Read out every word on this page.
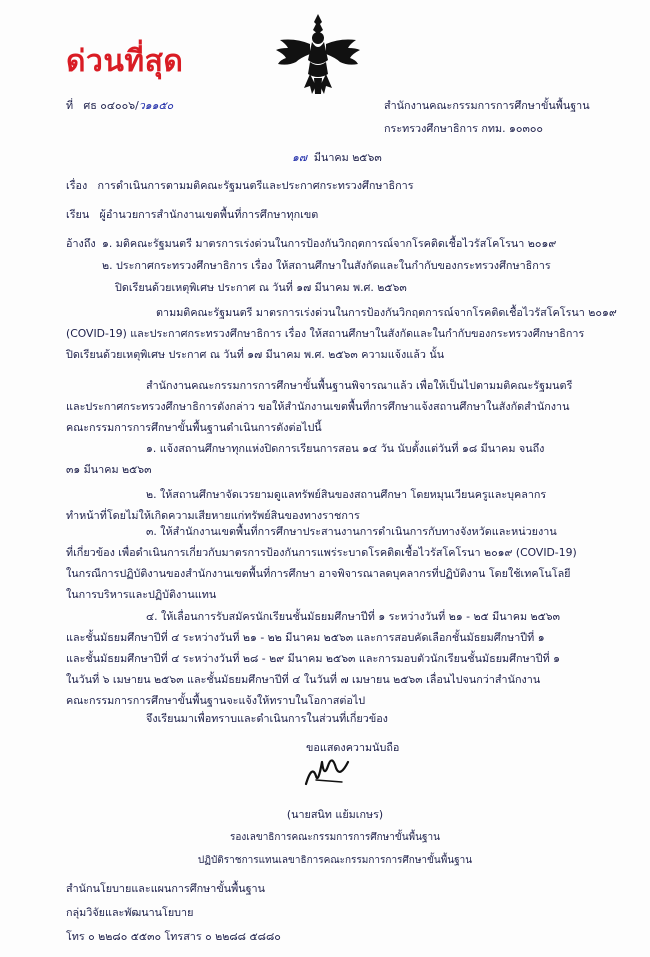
ด่วนที่สุด
ที่ ศธ ๐๔๐๐๖/ว๑๑๕๐	สำนักงานคณะกรรมการการศึกษาขั้นพื้นฐาน
กระทรวงศึกษาธิการ กทม. ๑๐๓๐๐
๑๗ มีนาคม ๒๕๖๓
เรื่อง การดำเนินการตามมติคณะรัฐมนตรีและประกาศกระทรวงศึกษาธิการ
เรียน ผู้อำนวยการสำนักงานเขตพื้นที่การศึกษาทุกเขต
อ้างถึง ๑. มติคณะรัฐมนตรี มาตรการเร่งด่วนในการป้องกันวิกฤตการณ์จากโรคติดเชื้อไวรัสโคโรนา ๒๐๑๙
๒. ประกาศกระทรวงศึกษาธิการ เรื่อง ให้สถานศึกษาในสังกัดและในกำกับของกระทรวงศึกษาธิการ
ปิดเรียนด้วยเหตุพิเศษ ประกาศ ณ วันที่ ๑๗ มีนาคม พ.ศ. ๒๕๖๓
ตามมติคณะรัฐมนตรี มาตรการเร่งด่วนในการป้องกันวิกฤตการณ์จากโรคติดเชื้อไวรัสโคโรนา ๒๐๑๙
(COVID-19) และประกาศกระทรวงศึกษาธิการ เรื่อง ให้สถานศึกษาในสังกัดและในกำกับของกระทรวงศึกษาธิการ
ปิดเรียนด้วยเหตุพิเศษ ประกาศ ณ วันที่ ๑๗ มีนาคม พ.ศ. ๒๕๖๓ ความแจ้งแล้ว นั้น
สำนักงานคณะกรรมการการศึกษาขั้นพื้นฐานพิจารณาแล้ว เพื่อให้เป็นไปตามมติคณะรัฐมนตรี
และประกาศกระทรวงศึกษาธิการดังกล่าว ขอให้สำนักงานเขตพื้นที่การศึกษาแจ้งสถานศึกษาในสังกัดสำนักงาน
คณะกรรมการการศึกษาขั้นพื้นฐานดำเนินการดังต่อไปนี้
๑. แจ้งสถานศึกษาทุกแห่งปิดการเรียนการสอน ๑๔ วัน นับตั้งแต่วันที่ ๑๘ มีนาคม จนถึง
๓๑ มีนาคม ๒๕๖๓
๒. ให้สถานศึกษาจัดเวรยามดูแลทรัพย์สินของสถานศึกษา โดยหมุนเวียนครูและบุคลากร
ทำหน้าที่โดยไม่ให้เกิดความเสียหายแก่ทรัพย์สินของทางราชการ
๓. ให้สำนักงานเขตพื้นที่การศึกษาประสานงานการดำเนินการกับทางจังหวัดและหน่วยงาน
ที่เกี่ยวข้อง เพื่อดำเนินการเกี่ยวกับมาตรการป้องกันการแพร่ระบาดโรคติดเชื้อไวรัสโคโรนา ๒๐๑๙ (COVID-19)
ในกรณีการปฏิบัติงานของสำนักงานเขตพื้นที่การศึกษา อาจพิจารณาลดบุคลากรที่ปฏิบัติงาน โดยใช้เทคโนโลยี
ในการบริหารและปฏิบัติงานแทน
๔. ให้เลื่อนการรับสมัครนักเรียนชั้นมัธยมศึกษาปีที่ ๑ ระหว่างวันที่ ๒๑ - ๒๕ มีนาคม ๒๕๖๓
และชั้นมัธยมศึกษาปีที่ ๔ ระหว่างวันที่ ๒๑ - ๒๒ มีนาคม ๒๕๖๓ และการสอบคัดเลือกชั้นมัธยมศึกษาปีที่ ๑
และชั้นมัธยมศึกษาปีที่ ๔ ระหว่างวันที่ ๒๘ - ๒๙ มีนาคม ๒๕๖๓ และการมอบตัวนักเรียนชั้นมัธยมศึกษาปีที่ ๑
ในวันที่ ๖ เมษายน ๒๕๖๓ และชั้นมัธยมศึกษาปีที่ ๔ ในวันที่ ๗ เมษายน ๒๕๖๓ เลื่อนไปจนกว่าสำนักงาน
คณะกรรมการการศึกษาขั้นพื้นฐานจะแจ้งให้ทราบในโอกาสต่อไป
จึงเรียนมาเพื่อทราบและดำเนินการในส่วนที่เกี่ยวข้อง
ขอแสดงความนับถือ
(นายสนิท แย้มเกษร)
รองเลขาธิการคณะกรรมการการศึกษาขั้นพื้นฐาน
ปฏิบัติราชการแทนเลขาธิการคณะกรรมการการศึกษาขั้นพื้นฐาน
สำนักนโยบายและแผนการศึกษาขั้นพื้นฐาน
กลุ่มวิจัยและพัฒนานโยบาย
โทร ๐ ๒๒๘๐ ๕๕๓๐ โทรสาร ๐ ๒๒๘๘ ๕๘๘๐
